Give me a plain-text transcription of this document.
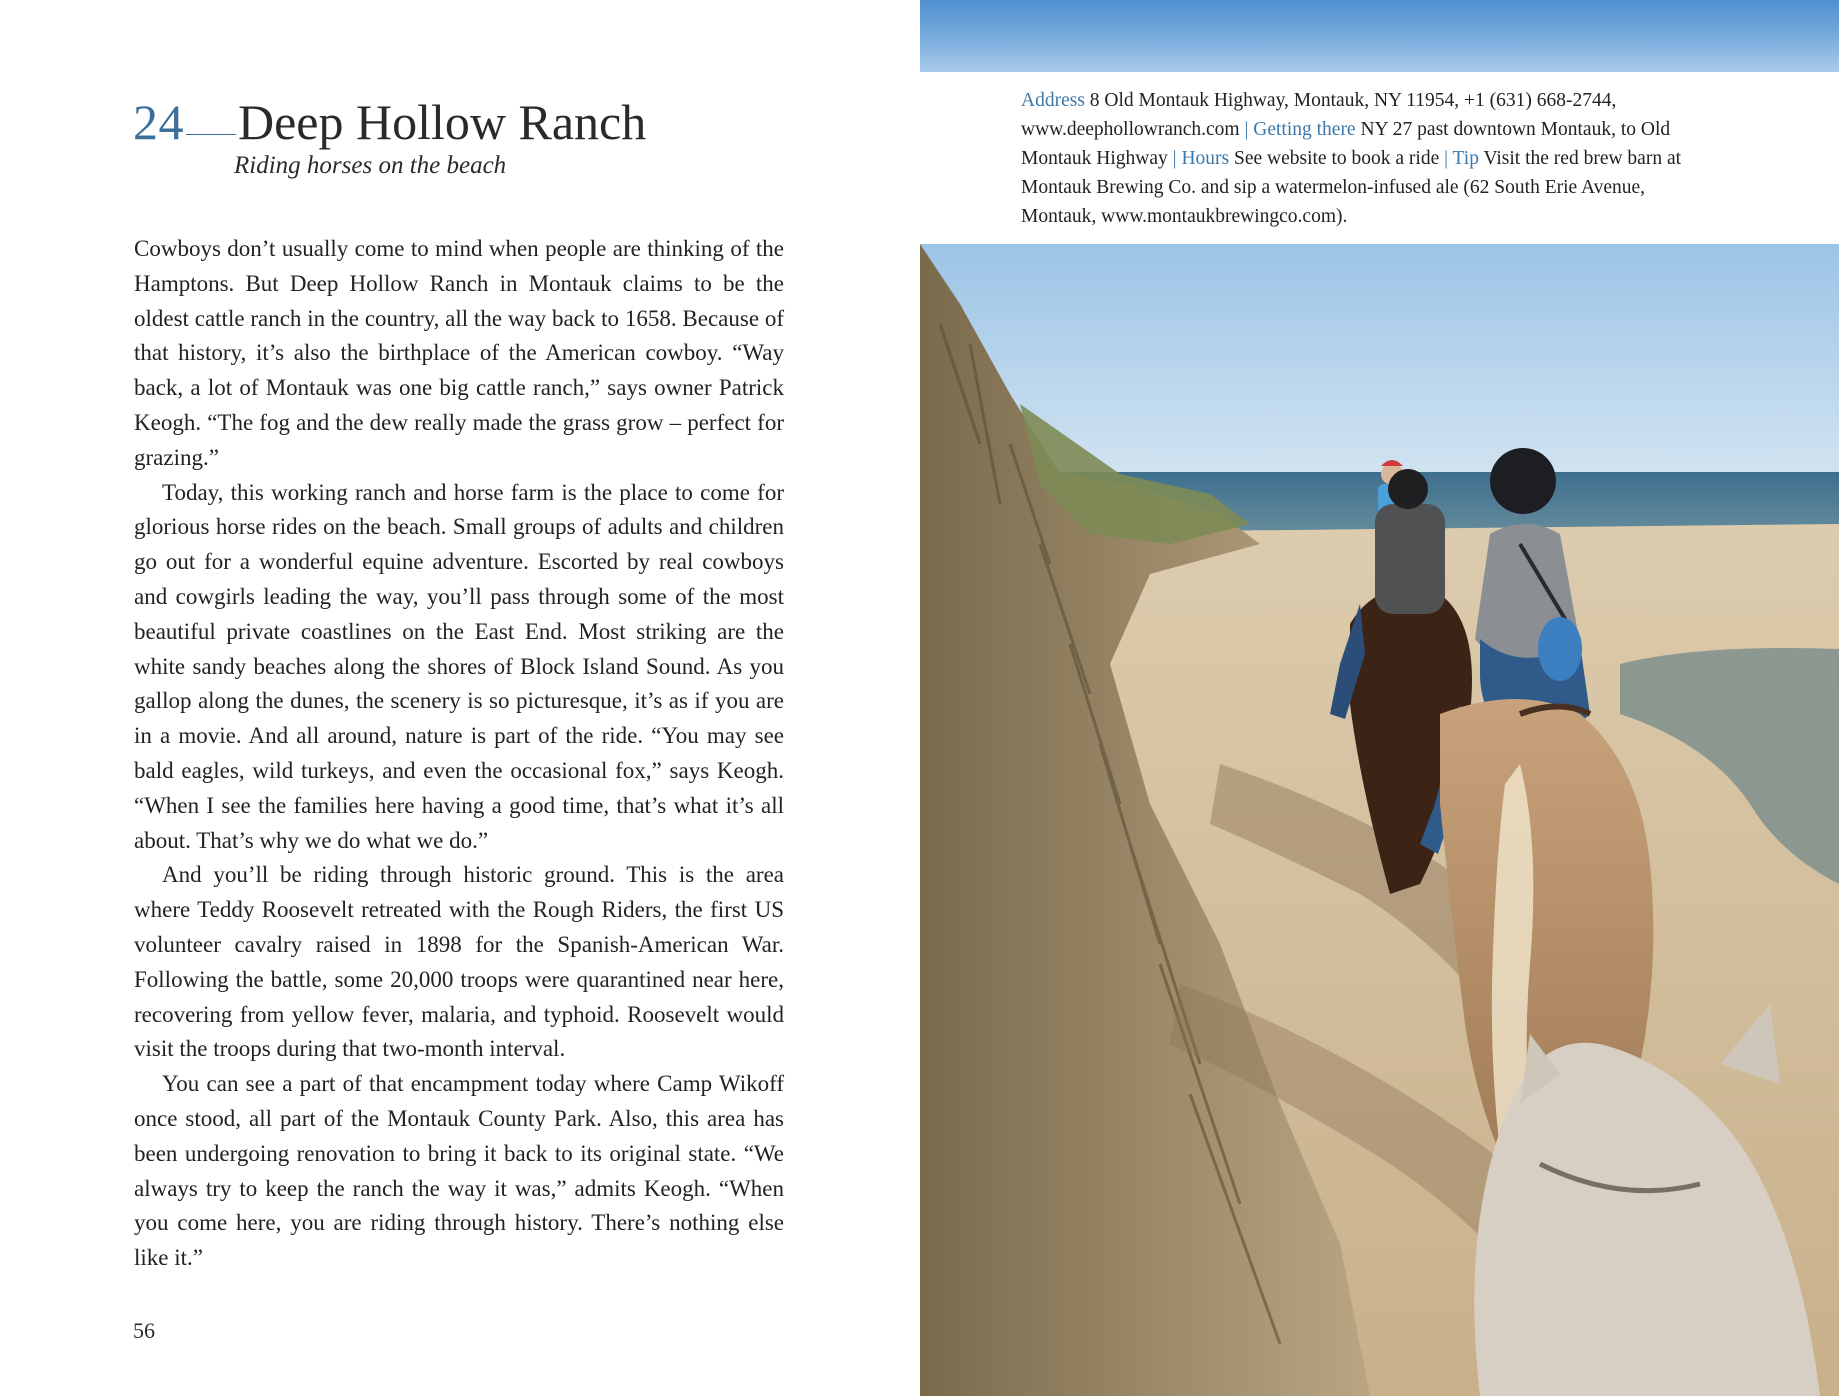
24 Deep Hollow Ranch
Riding horses on the beach

Cowboys don’t usually come to mind when people are thinking of the Hamptons. But Deep Hollow Ranch in Montauk claims to be the oldest cattle ranch in the country, all the way back to 1658. Because of that history, it’s also the birthplace of the American cowboy. “Way back, a lot of Montauk was one big cattle ranch,” says owner Patrick Keogh. “The fog and the dew really made the grass grow – perfect for grazing.”

Today, this working ranch and horse farm is the place to come for glorious horse rides on the beach. Small groups of adults and children go out for a wonderful equine adventure. Escorted by real cowboys and cowgirls leading the way, you’ll pass through some of the most beautiful private coastlines on the East End. Most striking are the white sandy beaches along the shores of Block Island Sound. As you gallop along the dunes, the scenery is so picturesque, it’s as if you are in a movie. And all around, nature is part of the ride. “You may see bald eagles, wild turkeys, and even the occasional fox,” says Keogh. “When I see the families here having a good time, that’s what it’s all about. That’s why we do what we do.”

And you’ll be riding through historic ground. This is the area where Teddy Roosevelt retreated with the Rough Riders, the first US volunteer cavalry raised in 1898 for the Spanish-American War. Following the battle, some 20,000 troops were quarantined near here, recovering from yellow fever, malaria, and typhoid. Roosevelt would visit the troops during that two-month interval.

You can see a part of that encampment today where Camp Wikoff once stood, all part of the Montauk County Park. Also, this area has been undergoing renovation to bring it back to its original state. “We always try to keep the ranch the way it was,” admits Keogh. “When you come here, you are riding through history. There’s nothing else like it.”

56
Address 8 Old Montauk Highway, Montauk, NY 11954, +1 (631) 668-2744, www.deephollowranch.com | Getting there NY 27 past downtown Montauk, to Old Montauk Highway | Hours See website to book a ride | Tip Visit the red brew barn at Montauk Brewing Co. and sip a watermelon-infused ale (62 South Erie Avenue, Montauk, www.montaukbrewingco.com).
